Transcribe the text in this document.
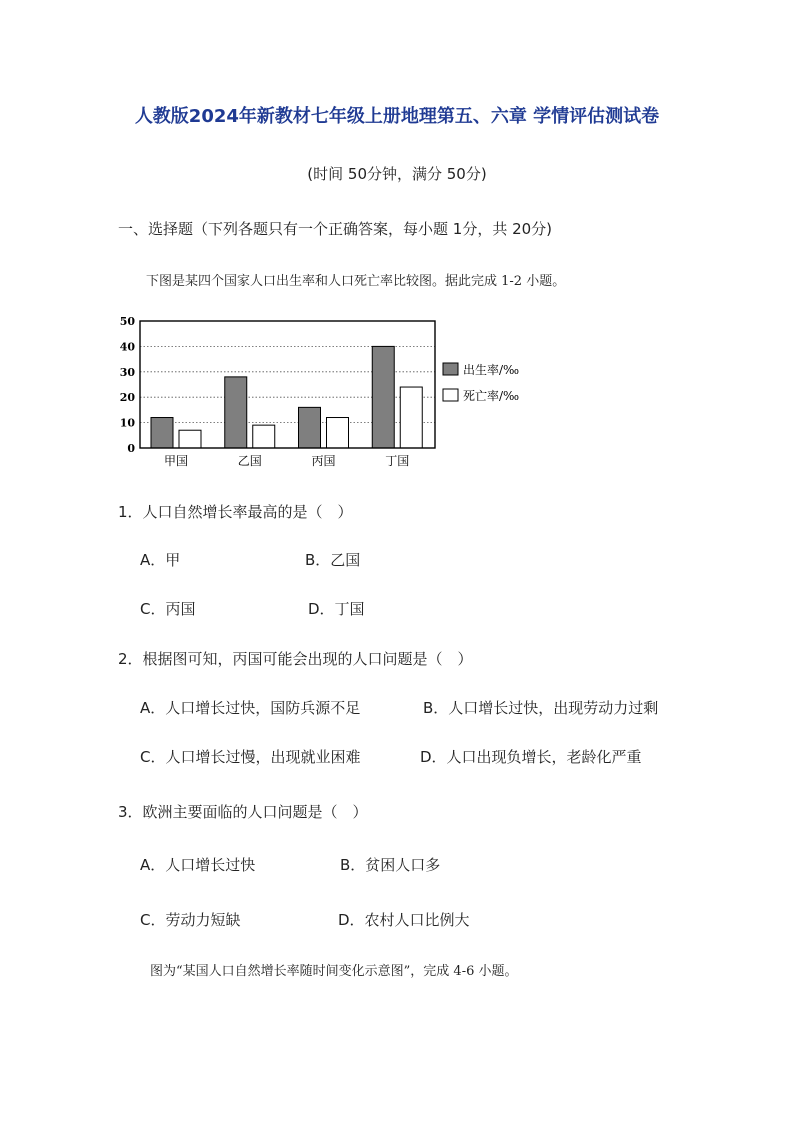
人教版2024年新教材七年级上册地理第五、六章 学情评估测试卷
(时间 50分钟，满分 50分)
一、选择题（下列各题只有一个正确答案，每小题 1分，共 20分)
下图是某四个国家人口出生率和人口死亡率比较图。据此完成 1-2 小题。
0
10
20
30
40
50
甲国	乙国	丙国	丁国
出生率/‰
死亡率/‰
1．人口自然增长率最高的是（　）
A．甲	B．乙国
C．丙国	D．丁国
2．根据图可知，丙国可能会出现的人口问题是（　）
A．人口增长过快，国防兵源不足	B．人口增长过快，出现劳动力过剩
C．人口增长过慢，出现就业困难	D．人口出现负增长，老龄化严重
3．欧洲主要面临的人口问题是（　）
A．人口增长过快	B．贫困人口多
C．劳动力短缺	D．农村人口比例大
图为“某国人口自然增长率随时间变化示意图”，完成 4-6 小题。
